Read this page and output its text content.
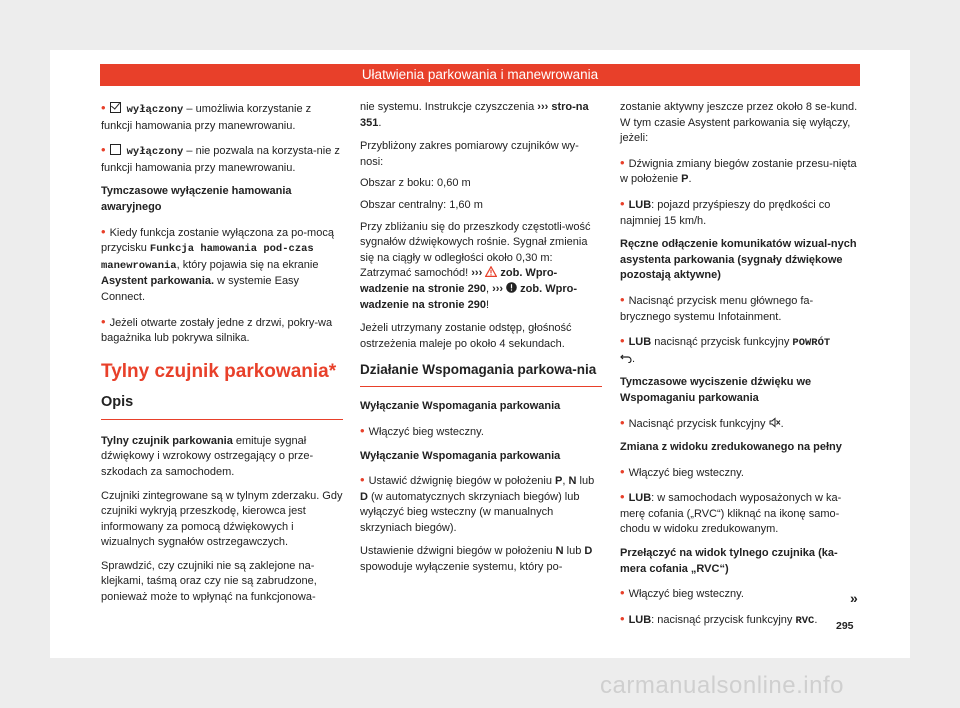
Ułatwienia parkowania i manewrowania

• wyłączony – umożliwia korzystanie z funkcji hamowania przy manewrowaniu.

• wyłączony – nie pozwala na korzysta-nie z funkcji hamowania przy manewrowaniu.

Tymczasowe wyłączenie hamowania awaryjnego

• Kiedy funkcja zostanie wyłączona za po-mocą przycisku Funkcja hamowania pod-czas manewrowania, który pojawia się na ekranie Asystent parkowania. w systemie Easy Connect.

• Jeżeli otwarte zostały jedne z drzwi, pokry-wa bagażnika lub pokrywa silnika.

Tylny czujnik parkowania*
Opis

Tylny czujnik parkowania emituje sygnał dźwiękowy i wzrokowy ostrzegający o prze-szkodach za samochodem.

Czujniki zintegrowane są w tylnym zderzaku. Gdy czujniki wykryją przeszkodę, kierowca jest informowany za pomocą dźwiękowych i wizualnych sygnałów ostrzegawczych.

Sprawdzić, czy czujniki nie są zaklejone na-klejkami, taśmą oraz czy nie są zabrudzone, ponieważ może to wpłynąć na funkcjonowa-

nie systemu. Instrukcje czyszczenia ››› stro-na 351.

Przybliżony zakres pomiarowy czujników wy-nosi:

Obszar z boku: 0,60 m

Obszar centralny: 1,60 m

Przy zbliżaniu się do przeszkody częstotli-wość sygnałów dźwiękowych rośnie. Sygnał zmienia się na ciągły w odległości około 0,30 m: Zatrzymać samochód! ›››  zob. Wpro-wadzenie na stronie 290, ›››  zob. Wpro-wadzenie na stronie 290!

Jeżeli utrzymany zostanie odstęp, głośność ostrzeżenia maleje po około 4 sekundach.

Działanie Wspomagania parkowa-nia

Wyłączanie Wspomagania parkowania

• Włączyć bieg wsteczny.

Wyłączanie Wspomagania parkowania

• Ustawić dźwignię biegów w położeniu P, N lub D (w automatycznych skrzyniach biegów) lub wyłączyć bieg wsteczny (w manualnych skrzyniach biegów).

Ustawienie dźwigni biegów w położeniu N lub D spowoduje wyłączenie systemu, który po-

zostanie aktywny jeszcze przez około 8 se-kund. W tym czasie Asystent parkowania się wyłączy, jeżeli:

• Dźwignia zmiany biegów zostanie przesu-nięta w położenie P.

• LUB: pojazd przyśpieszy do prędkości co najmniej 15 km/h.

Ręczne odłączenie komunikatów wizual-nych asystenta parkowania (sygnały dźwiękowe pozostają aktywne)

• Nacisnąć przycisk menu głównego fa-brycznego systemu Infotainment.

• LUB nacisnąć przycisk funkcyjny POWRÓT
.

Tymczasowe wyciszenie dźwięku we Wspomaganiu parkowania

• Nacisnąć przycisk funkcyjny .

Zmiana z widoku zredukowanego na pełny

• Włączyć bieg wsteczny.

• LUB: w samochodach wyposażonych w ka-merę cofania („RVC“) kliknąć na ikonę samo-chodu w widoku zredukowanym.

Przełączyć na widok tylnego czujnika (ka-mera cofania „RVC“)

• Włączyć bieg wsteczny.

• LUB: nacisnąć przycisk funkcyjny RVC.

»
295
carmanualsonline.info
